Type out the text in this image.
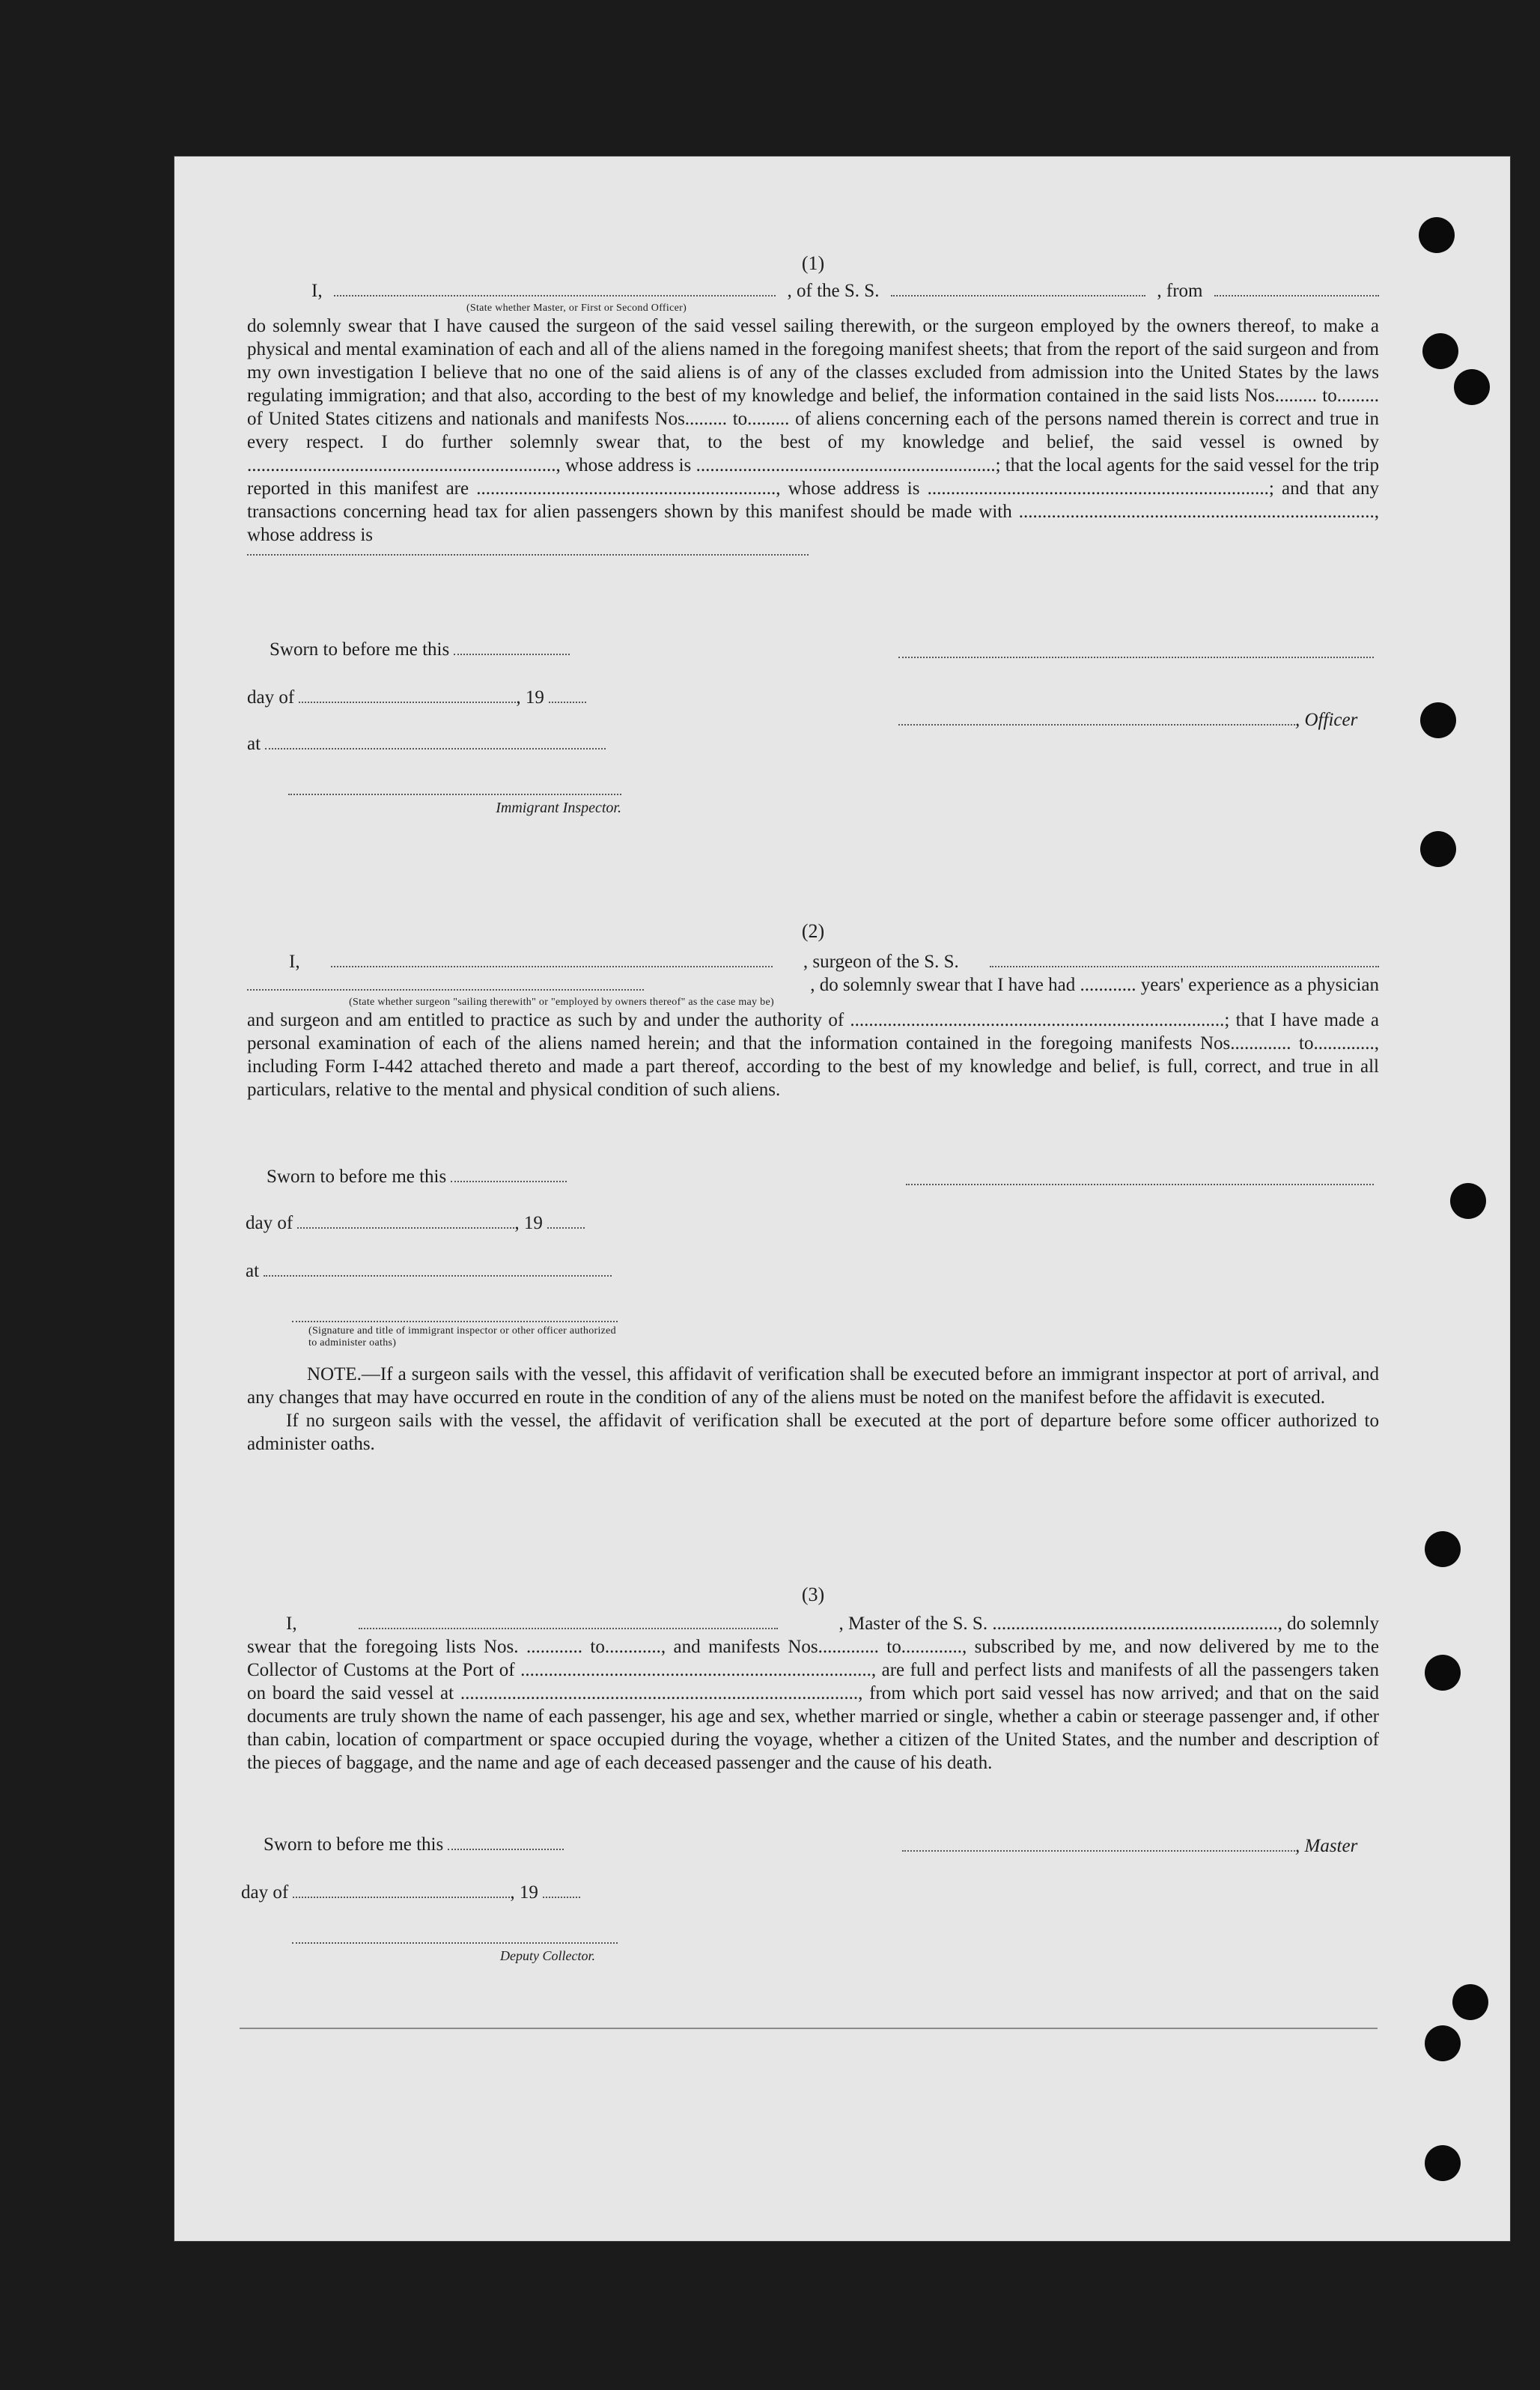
(1)
I,	, of the S. S.	, from
(State whether Master, or First or Second Officer)
do solemnly swear that I have caused the surgeon of the said vessel sailing therewith, or the surgeon employed by the owners thereof, to make a physical and mental examination of each and all of the aliens named in the foregoing manifest sheets; that from the report of the said surgeon and from my own investigation I believe that no one of the said aliens is of any of the classes excluded from admission into the United States by the laws regulating immigration; and that also, according to the best of my knowledge and belief, the information contained in the said lists Nos......... to......... of United States citizens and nationals and manifests Nos......... to......... of aliens concerning each of the persons named therein is correct and true in every respect. I do further solemnly swear that, to the best of my knowledge and belief, the said vessel is owned by .................................................................., whose address is ................................................................; that the local agents for the said vessel for the trip reported in this manifest are ................................................................, whose address is .........................................................................; and that any transactions concerning head tax for alien passengers shown by this manifest should be made with ............................................................................, whose address is
Sworn to before me this
day of	, 19
at
Immigrant Inspector.
, Officer
(2)
I,	, surgeon of the S. S.
, do solemnly swear that I have had ............ years' experience as a physician
(State whether surgeon "sailing therewith" or "employed by owners thereof" as the case may be)
and surgeon and am entitled to practice as such by and under the authority of ................................................................................; that I have made a personal examination of each of the aliens named herein; and that the information contained in the foregoing manifests Nos............. to............., including Form I-442 attached thereto and made a part thereof, according to the best of my knowledge and belief, is full, correct, and true in all particulars, relative to the mental and physical condition of such aliens.
Sworn to before me this
day of	, 19
at
(Signature and title of immigrant inspector or other officer authorized to administer oaths)
NOTE.—If a surgeon sails with the vessel, this affidavit of verification shall be executed before an immigrant inspector at port of arrival, and any changes that may have occurred en route in the condition of any of the aliens must be noted on the manifest before the affidavit is executed.
If no surgeon sails with the vessel, the affidavit of verification shall be executed at the port of departure before some officer authorized to administer oaths.
(3)
I,	, Master of the S. S. ............................................................., do solemnly
swear that the foregoing lists Nos. ............ to............, and manifests Nos............. to............., subscribed by me, and now delivered by me to the Collector of Customs at the Port of ..........................................................................., are full and perfect lists and manifests of all the passengers taken on board the said vessel at ....................................................................................., from which port said vessel has now arrived; and that on the said documents are truly shown the name of each passenger, his age and sex, whether married or single, whether a cabin or steerage passenger and, if other than cabin, location of compartment or space occupied during the voyage, whether a citizen of the United States, and the number and description of the pieces of baggage, and the name and age of each deceased passenger and the cause of his death.
Sworn to before me this	, Master
day of	, 19
Deputy Collector.
